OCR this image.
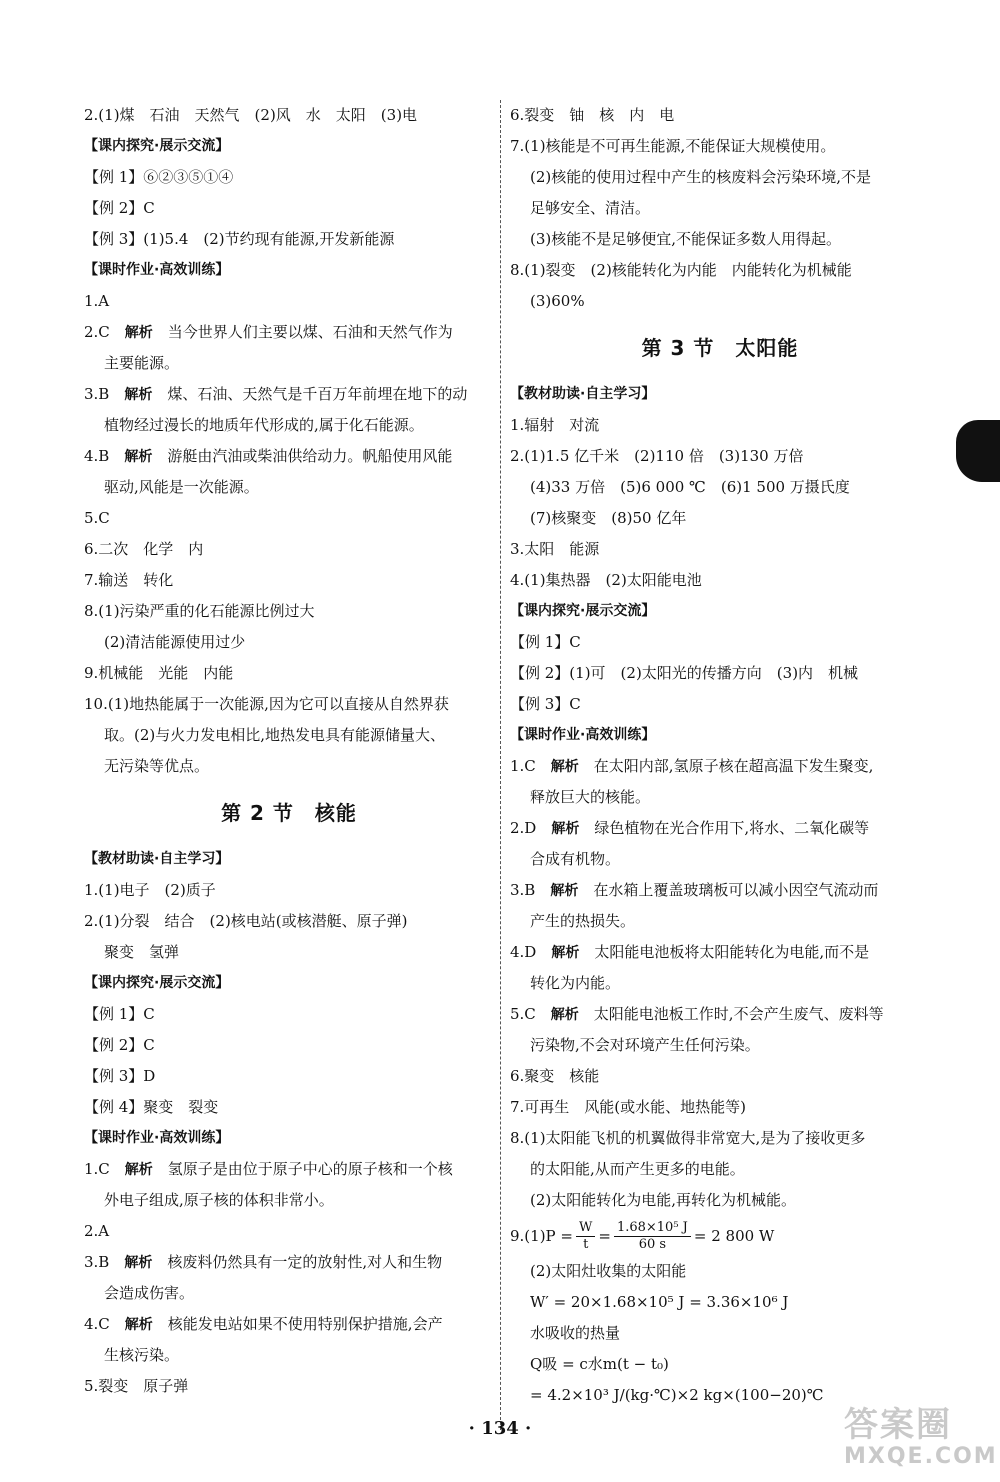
2.(1)煤　石油　天然气　(2)风　水　太阳　(3)电
【课内探究·展示交流】
【例 1】⑥②③⑤①④
【例 2】C
【例 3】(1)5.4　(2)节约现有能源,开发新能源
【课时作业·高效训练】
1.A
2.C　解析　当今世界人们主要以煤、石油和天然气作为
主要能源。
3.B　解析　煤、石油、天然气是千百万年前埋在地下的动
植物经过漫长的地质年代形成的,属于化石能源。
4.B　解析　游艇由汽油或柴油供给动力。帆船使用风能
驱动,风能是一次能源。
5.C
6.二次　化学　内
7.输送　转化
8.(1)污染严重的化石能源比例过大
(2)清洁能源使用过少
9.机械能　光能　内能
10.(1)地热能属于一次能源,因为它可以直接从自然界获
取。(2)与火力发电相比,地热发电具有能源储量大、
无污染等优点。
第 2 节　核能
【教材助读·自主学习】
1.(1)电子　(2)质子
2.(1)分裂　结合　(2)核电站(或核潜艇、原子弹)
聚变　氢弹
【课内探究·展示交流】
【例 1】C
【例 2】C
【例 3】D
【例 4】聚变　裂变
【课时作业·高效训练】
1.C　解析　氢原子是由位于原子中心的原子核和一个核
外电子组成,原子核的体积非常小。
2.A
3.B　解析　核废料仍然具有一定的放射性,对人和生物
会造成伤害。
4.C　解析　核能发电站如果不使用特别保护措施,会产
生核污染。
5.裂变　原子弹
6.裂变　铀　核　内　电
7.(1)核能是不可再生能源,不能保证大规模使用。
(2)核能的使用过程中产生的核废料会污染环境,不是
足够安全、清洁。
(3)核能不是足够便宜,不能保证多数人用得起。
8.(1)裂变　(2)核能转化为内能　内能转化为机械能
(3)60%
第 3 节　太阳能
【教材助读·自主学习】
1.辐射　对流
2.(1)1.5 亿千米　(2)110 倍　(3)130 万倍
(4)33 万倍　(5)6 000 ℃　(6)1 500 万摄氏度
(7)核聚变　(8)50 亿年
3.太阳　能源
4.(1)集热器　(2)太阳能电池
【课内探究·展示交流】
【例 1】C
【例 2】(1)可　(2)太阳光的传播方向　(3)内　机械
【例 3】C
【课时作业·高效训练】
1.C　解析　在太阳内部,氢原子核在超高温下发生聚变,
释放巨大的核能。
2.D　解析　绿色植物在光合作用下,将水、二氧化碳等
合成有机物。
3.B　解析　在水箱上覆盖玻璃板可以减小因空气流动而
产生的热损失。
4.D　解析　太阳能电池板将太阳能转化为电能,而不是
转化为内能。
5.C　解析　太阳能电池板工作时,不会产生废气、废料等
污染物,不会对环境产生任何污染。
6.聚变　核能
7.可再生　风能(或水能、地热能等)
8.(1)太阳能飞机的机翼做得非常宽大,是为了接收更多
的太阳能,从而产生更多的电能。
(2)太阳能转化为电能,再转化为机械能。
$9.(1)P = \frac{W}{t} = \frac{\text{1.68×10⁵ J}}{60 s} = 2$ 800 W
(2)太阳灶收集的太阳能
W′ = 20×1.68×10⁵ J = 3.36×10⁶ J
水吸收的热量
Q吸 = c水m(t − t₀)
= 4.2×10³ J/(kg·℃)×2 kg×(100−20)℃
· 134 ·	答案圈
MXQE.COM
